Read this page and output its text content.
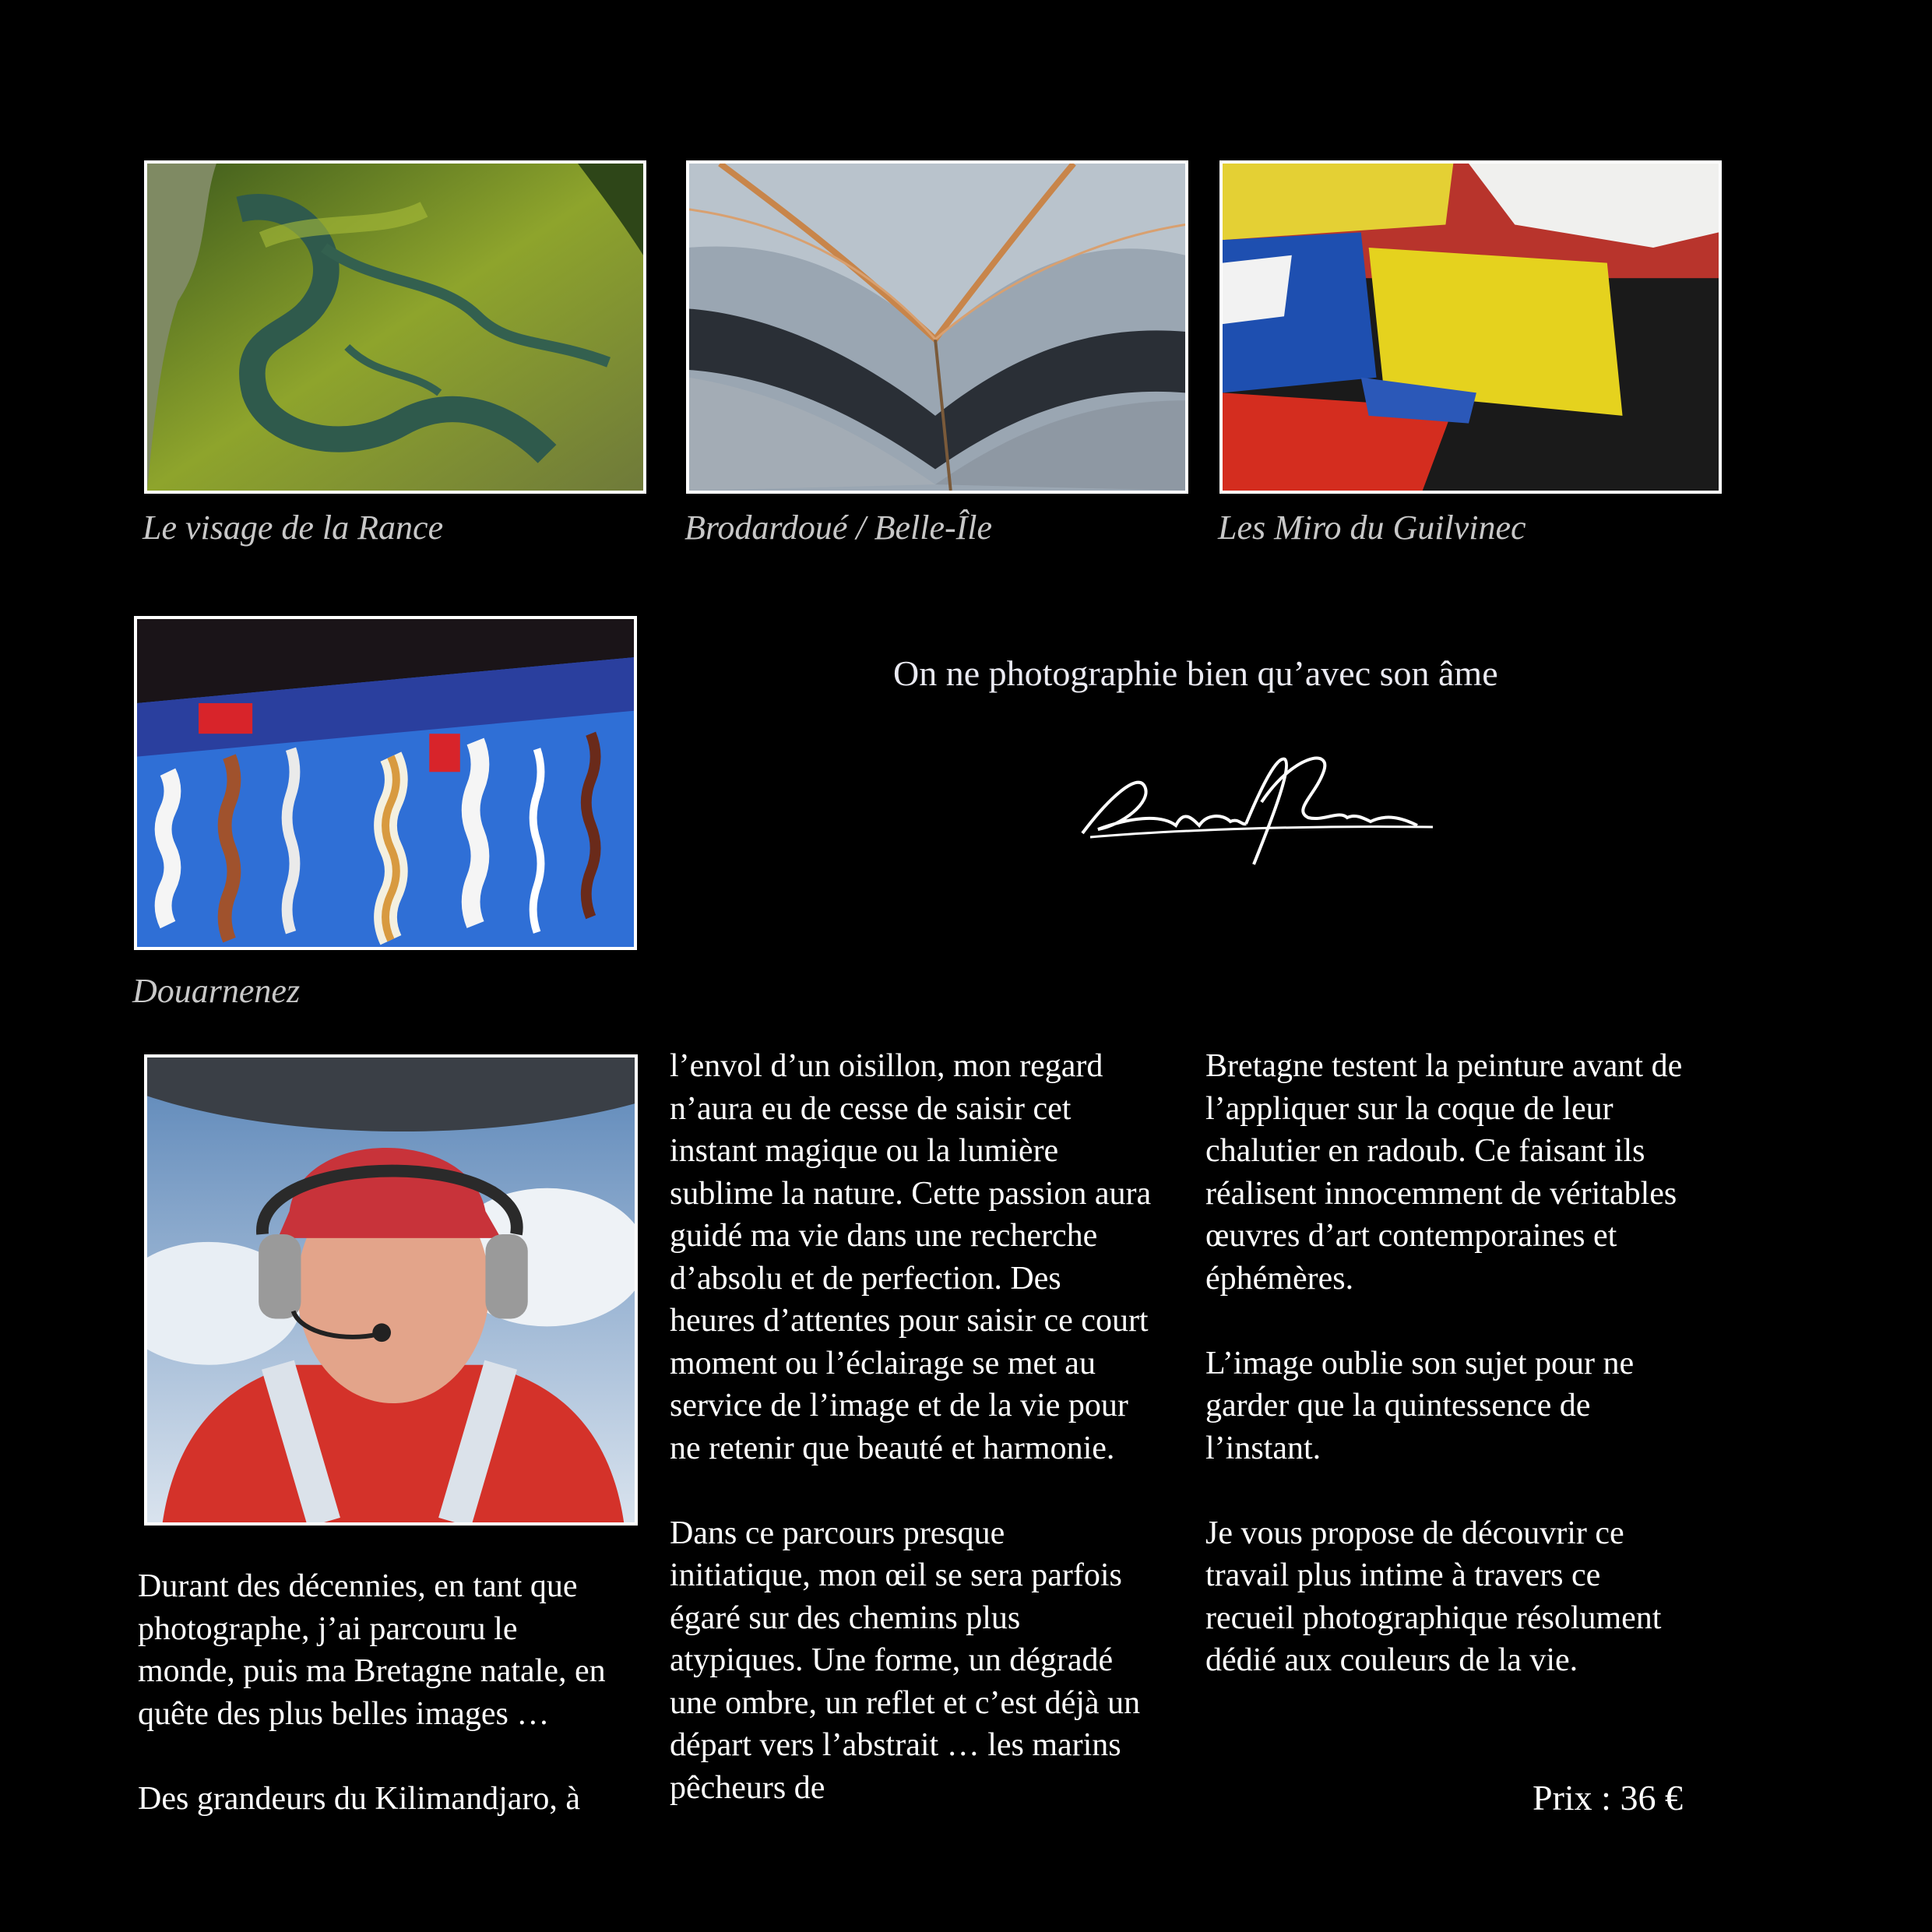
Le visage de la Rance	Brodardoué / Belle-Île	Les Miro du Guilvinec
Douarnenez
On ne photographie bien qu’avec son âme

Durant des décennies, en tant que
photographe, j’ai parcouru le
monde, puis ma Bretagne natale, en
quête des plus belles images …

Des grandeurs du Kilimandjaro, à

l’envol d’un oisillon, mon regard
n’aura eu de cesse de saisir cet
instant magique ou la lumière
sublime la nature. Cette passion aura
guidé ma vie dans une recherche
d’absolu et de perfection. Des
heures d’attentes pour saisir ce court
moment ou l’éclairage se met au
service de l’image et de la vie pour
ne retenir que beauté et harmonie.

Dans ce parcours presque
initiatique, mon œil se sera parfois
égaré sur des chemins plus
atypiques. Une forme, un dégradé
une ombre, un reflet et c’est déjà un
départ vers l’abstrait … les marins
pêcheurs de

Bretagne testent la peinture avant de
l’appliquer sur la coque de leur
chalutier en radoub. Ce faisant ils
réalisent innocemment de véritables
œuvres d’art contemporaines et
éphémères.

L’image oublie son sujet pour ne
garder que la quintessence de
l’instant.

Je vous propose de découvrir ce
travail plus intime à travers ce
recueil photographique résolument
dédié aux couleurs de la vie.

Prix : 36 €
